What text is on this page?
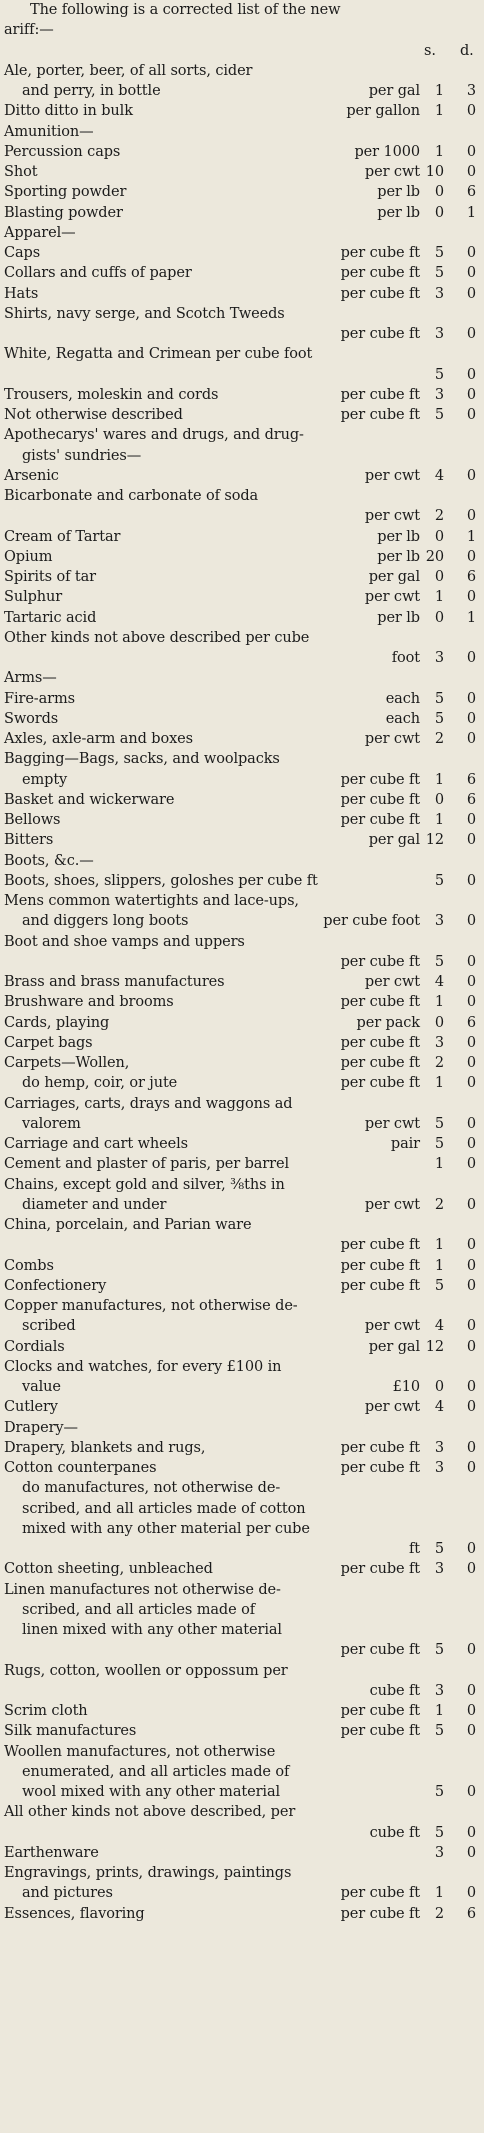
The following is a corrected list of the new
ariff:—
s. d.
Ale, porter, beer, of all sorts, cider
and perry, in bottle	per gal	1	3
Ditto ditto in bulk	per gallon	1	0
Amunition—
Percussion caps	per 1000	1	0
Shot	per cwt 10	0
Sporting powder	per lb	0	6
Blasting powder	per lb	0	1
Apparel—
Caps	per cube ft	5	0
Collars and cuffs of paper	per cube ft	5	0
Hats	per cube ft	3	0
Shirts, navy serge, and Scotch Tweeds
per cube ft	3	0
White, Regatta and Crimean per cube foot
5	0
Trousers, moleskin and cords	per cube ft	3	0
Not otherwise described	per cube ft	5	0
Apothecarys' wares and drugs, and drug-
gists' sundries—
Arsenic	per cwt	4	0
Bicarbonate and carbonate of soda
per cwt	2	0
Cream of Tartar	per lb	0	1
Opium	per lb 20	0
Spirits of tar	per gal	0	6
Sulphur	per cwt	1	0
Tartaric acid	per lb	0	1
Other kinds not above described per cube
foot	3	0
Arms—
Fire-arms	each	5	0
Swords	each	5	0
Axles, axle-arm and boxes	per cwt	2	0
Bagging—Bags, sacks, and woolpacks
empty	per cube ft	1	6
Basket and wickerware	per cube ft	0	6
Bellows	per cube ft	1	0
Bitters	per gal 12	0
Boots, &c.—
Boots, shoes, slippers, goloshes per cube ft	5	0
Mens common watertights and lace-ups,
and diggers long boots	per cube foot	3	0
Boot and shoe vamps and uppers
per cube ft	5	0
Brass and brass manufactures	per cwt	4	0
Brushware and brooms	per cube ft	1	0
Cards, playing	per pack	0	6
Carpet bags	per cube ft	3	0
Carpets—Wollen,	per cube ft	2	0
do hemp, coir, or jute	per cube ft	1	0
Carriages, carts, drays and waggons ad
valorem	per cwt	5	0
Carriage and cart wheels	pair	5	0
Cement and plaster of paris, per barrel	1	0
Chains, except gold and silver, ⅜ths in
diameter and under	per cwt	2	0
China, porcelain, and Parian ware
per cube ft	1	0
Combs	per cube ft	1	0
Confectionery	per cube ft	5	0
Copper manufactures, not otherwise de-
scribed	per cwt	4	0
Cordials	per gal 12	0
Clocks and watches, for every £100 in
value	£10	0	0
Cutlery	per cwt	4	0
Drapery—
Drapery, blankets and rugs,	per cube ft	3	0
Cotton counterpanes	per cube ft	3	0
do manufactures, not otherwise de-
scribed, and all articles made of cotton
mixed with any other material per cube
ft	5	0
Cotton sheeting, unbleached	per cube ft	3	0
Linen manufactures not otherwise de-
scribed, and all articles made of
linen mixed with any other material
per cube ft	5	0
Rugs, cotton, woollen or oppossum per
cube ft	3	0
Scrim cloth	per cube ft	1	0
Silk manufactures	per cube ft	5	0
Woollen manufactures, not otherwise
enumerated, and all articles made of
wool mixed with any other material	5	0
All other kinds not above described, per
cube ft	5	0
Earthenware	3	0
Engravings, prints, drawings, paintings
and pictures	per cube ft	1	0
Essences, flavoring	per cube ft	2	6
